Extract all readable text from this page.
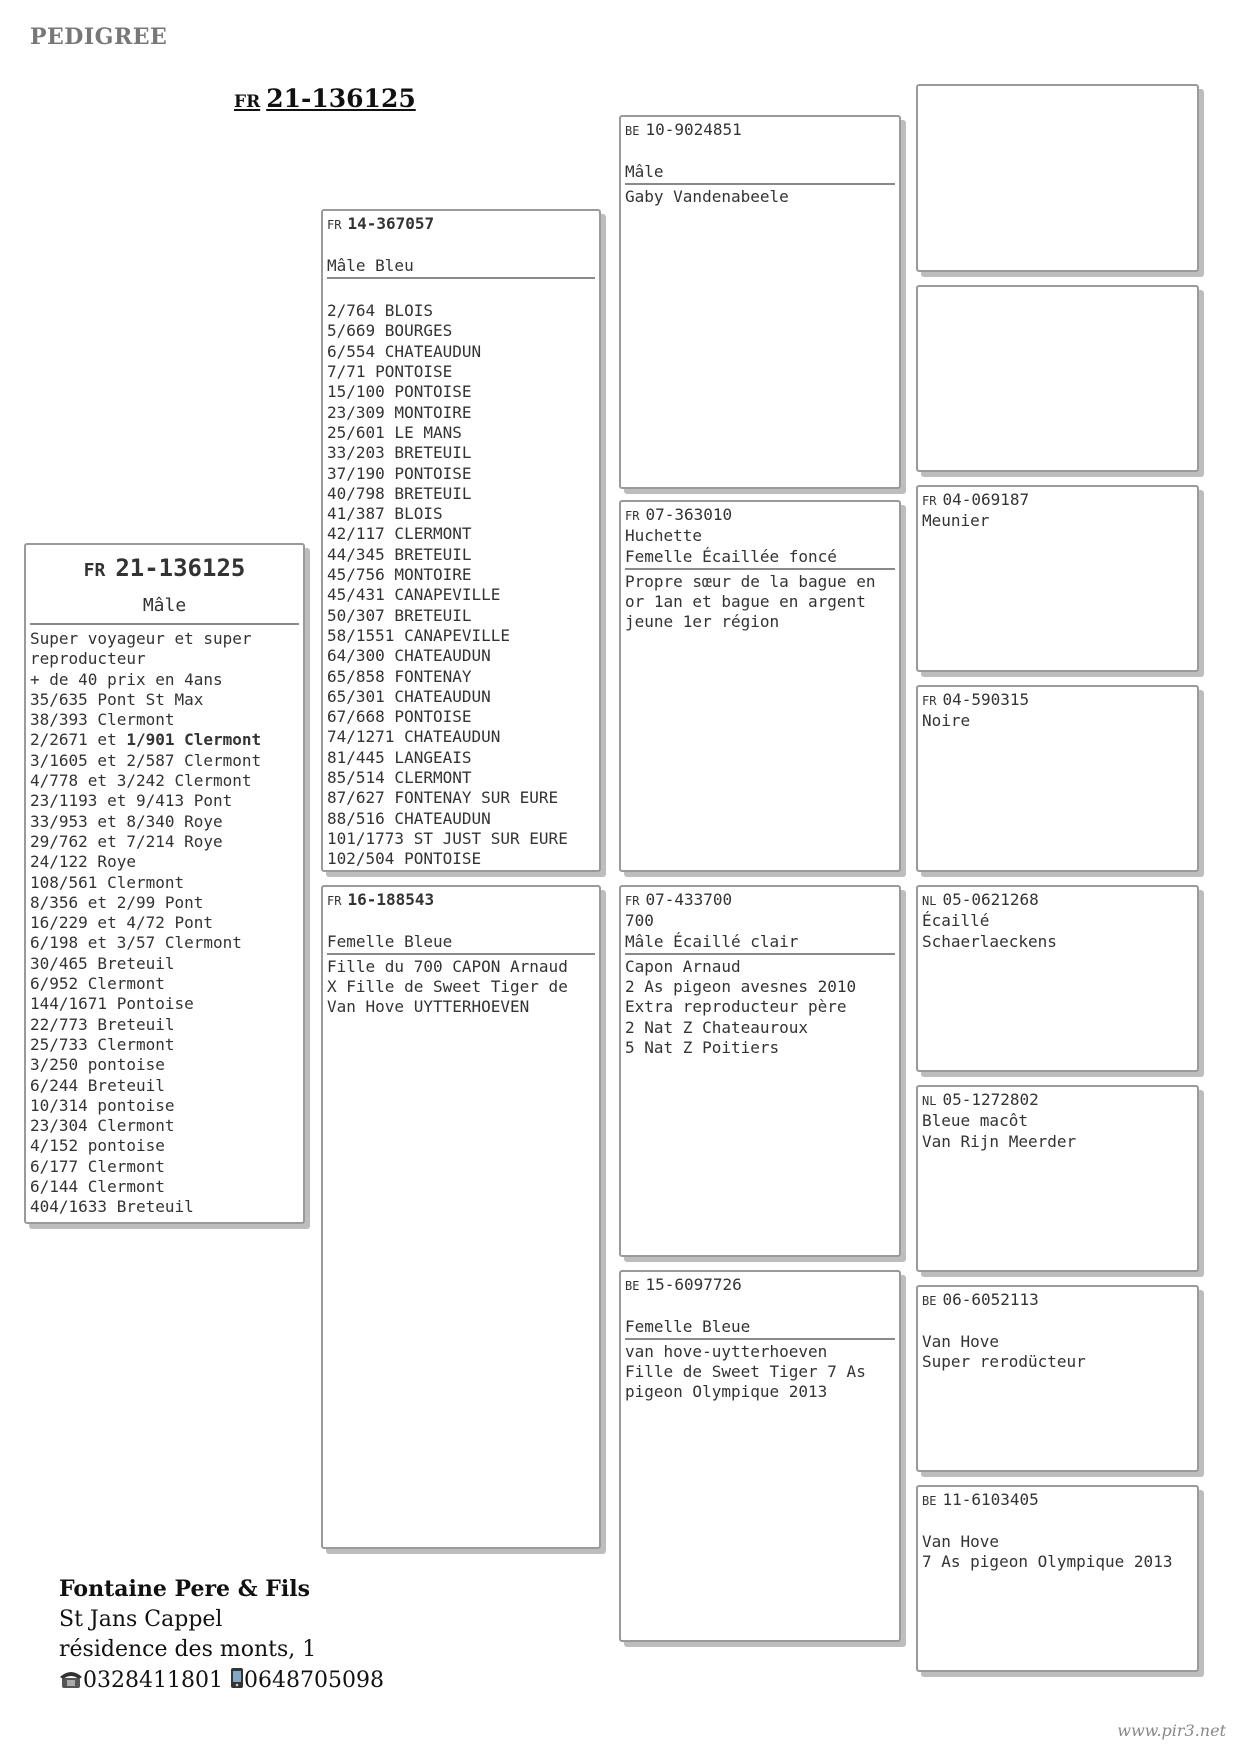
PEDIGREE
FR 21-136125
FR 21-136125
Mâle
Super voyageur et super
reproducteur
+ de 40 prix en 4ans
35/635 Pont St Max
38/393 Clermont
2/2671 et 1/901 Clermont
3/1605 et 2/587 Clermont
4/778 et 3/242 Clermont
23/1193 et 9/413 Pont
33/953 et 8/340 Roye
29/762 et 7/214 Roye
24/122 Roye
108/561 Clermont
8/356 et 2/99 Pont
16/229 et 4/72 Pont
6/198 et 3/57 Clermont
30/465 Breteuil
6/952 Clermont
144/1671 Pontoise
22/773 Breteuil
25/733 Clermont
3/250 pontoise
6/244 Breteuil
10/314 pontoise
23/304 Clermont
4/152 pontoise
6/177 Clermont
6/144 Clermont
404/1633 Breteuil
FR 14-367057
Mâle Bleu
2/764 BLOIS
5/669 BOURGES
6/554 CHATEAUDUN
7/71 PONTOISE
15/100 PONTOISE
23/309 MONTOIRE
25/601 LE MANS
33/203 BRETEUIL
37/190 PONTOISE
40/798 BRETEUIL
41/387 BLOIS
42/117 CLERMONT
44/345 BRETEUIL
45/756 MONTOIRE
45/431 CANAPEVILLE
50/307 BRETEUIL
58/1551 CANAPEVILLE
64/300 CHATEAUDUN
65/858 FONTENAY
65/301 CHATEAUDUN
67/668 PONTOISE
74/1271 CHATEAUDUN
81/445 LANGEAIS
85/514 CLERMONT
87/627 FONTENAY SUR EURE
88/516 CHATEAUDUN
101/1773 ST JUST SUR EURE
102/504 PONTOISE
FR 16-188543
Femelle Bleue
Fille du 700 CAPON Arnaud
X Fille de Sweet Tiger de
Van Hove UYTTERHOEVEN
BE 10-9024851
Mâle
Gaby Vandenabeele
FR 07-363010
Huchette
Femelle Écaillée foncé
Propre sœur de la bague en
or 1an et bague en argent
jeune 1er région
FR 07-433700
700
Mâle Écaillé clair
Capon Arnaud
2 As pigeon avesnes 2010
Extra reproducteur père
2 Nat Z Chateauroux
5 Nat Z Poitiers
BE 15-6097726
Femelle Bleue
van hove-uytterhoeven
Fille de Sweet Tiger 7 As
pigeon Olympique 2013
FR 04-069187
Meunier
FR 04-590315
Noire
NL 05-0621268
Écaillé
Schaerlaeckens
NL 05-1272802
Bleue macôt
Van Rijn Meerder
BE 06-6052113
Van Hove
Super rerodücteur
BE 11-6103405
Van Hove
7 As pigeon Olympique 2013
Fontaine Pere & Fils
St Jans Cappel
résidence des monts, 1
0328411801 0648705098
www.pir3.net
